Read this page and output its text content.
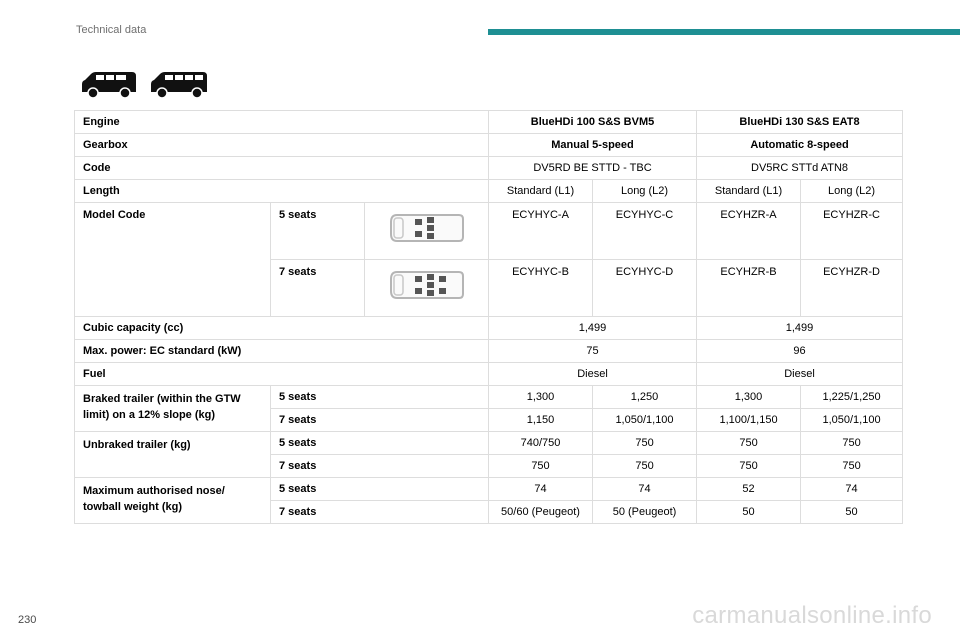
Technical data
Engine			BlueHDi 100 S&S BVM5		BlueHDi 130 S&S EAT8	
Gearbox			Manual 5-speed		Automatic 8-speed	
Code			DV5RD BE STTD - TBC		DV5RC STTd ATN8	
Length			Standard (L1)	Long (L2)	Standard (L1)	Long (L2)
Model Code	5 seats		ECYHYC-A	ECYHYC-C	ECYHZR-A	ECYHZR-C
	7 seats		ECYHYC-B	ECYHYC-D	ECYHZR-B	ECYHZR-D
Cubic capacity (cc)			1,499		1,499	
Max. power: EC standard (kW)			75		96	
Fuel			Diesel		Diesel	
Braked trailer (within the GTW limit) on a 12% slope (kg)	5 seats		1,300	1,250	1,300	1,225/1,250
	7 seats		1,150	1,050/1,100	1,100/1,150	1,050/1,100
Unbraked trailer (kg)	5 seats		740/750	750	750	750
	7 seats		750	750	750	750
Maximum authorised nose/ towball weight (kg)	5 seats		74	74	52	74
	7 seats		50/60 (Peugeot)	50 (Peugeot)	50	50
230	carmanualsonline.info
